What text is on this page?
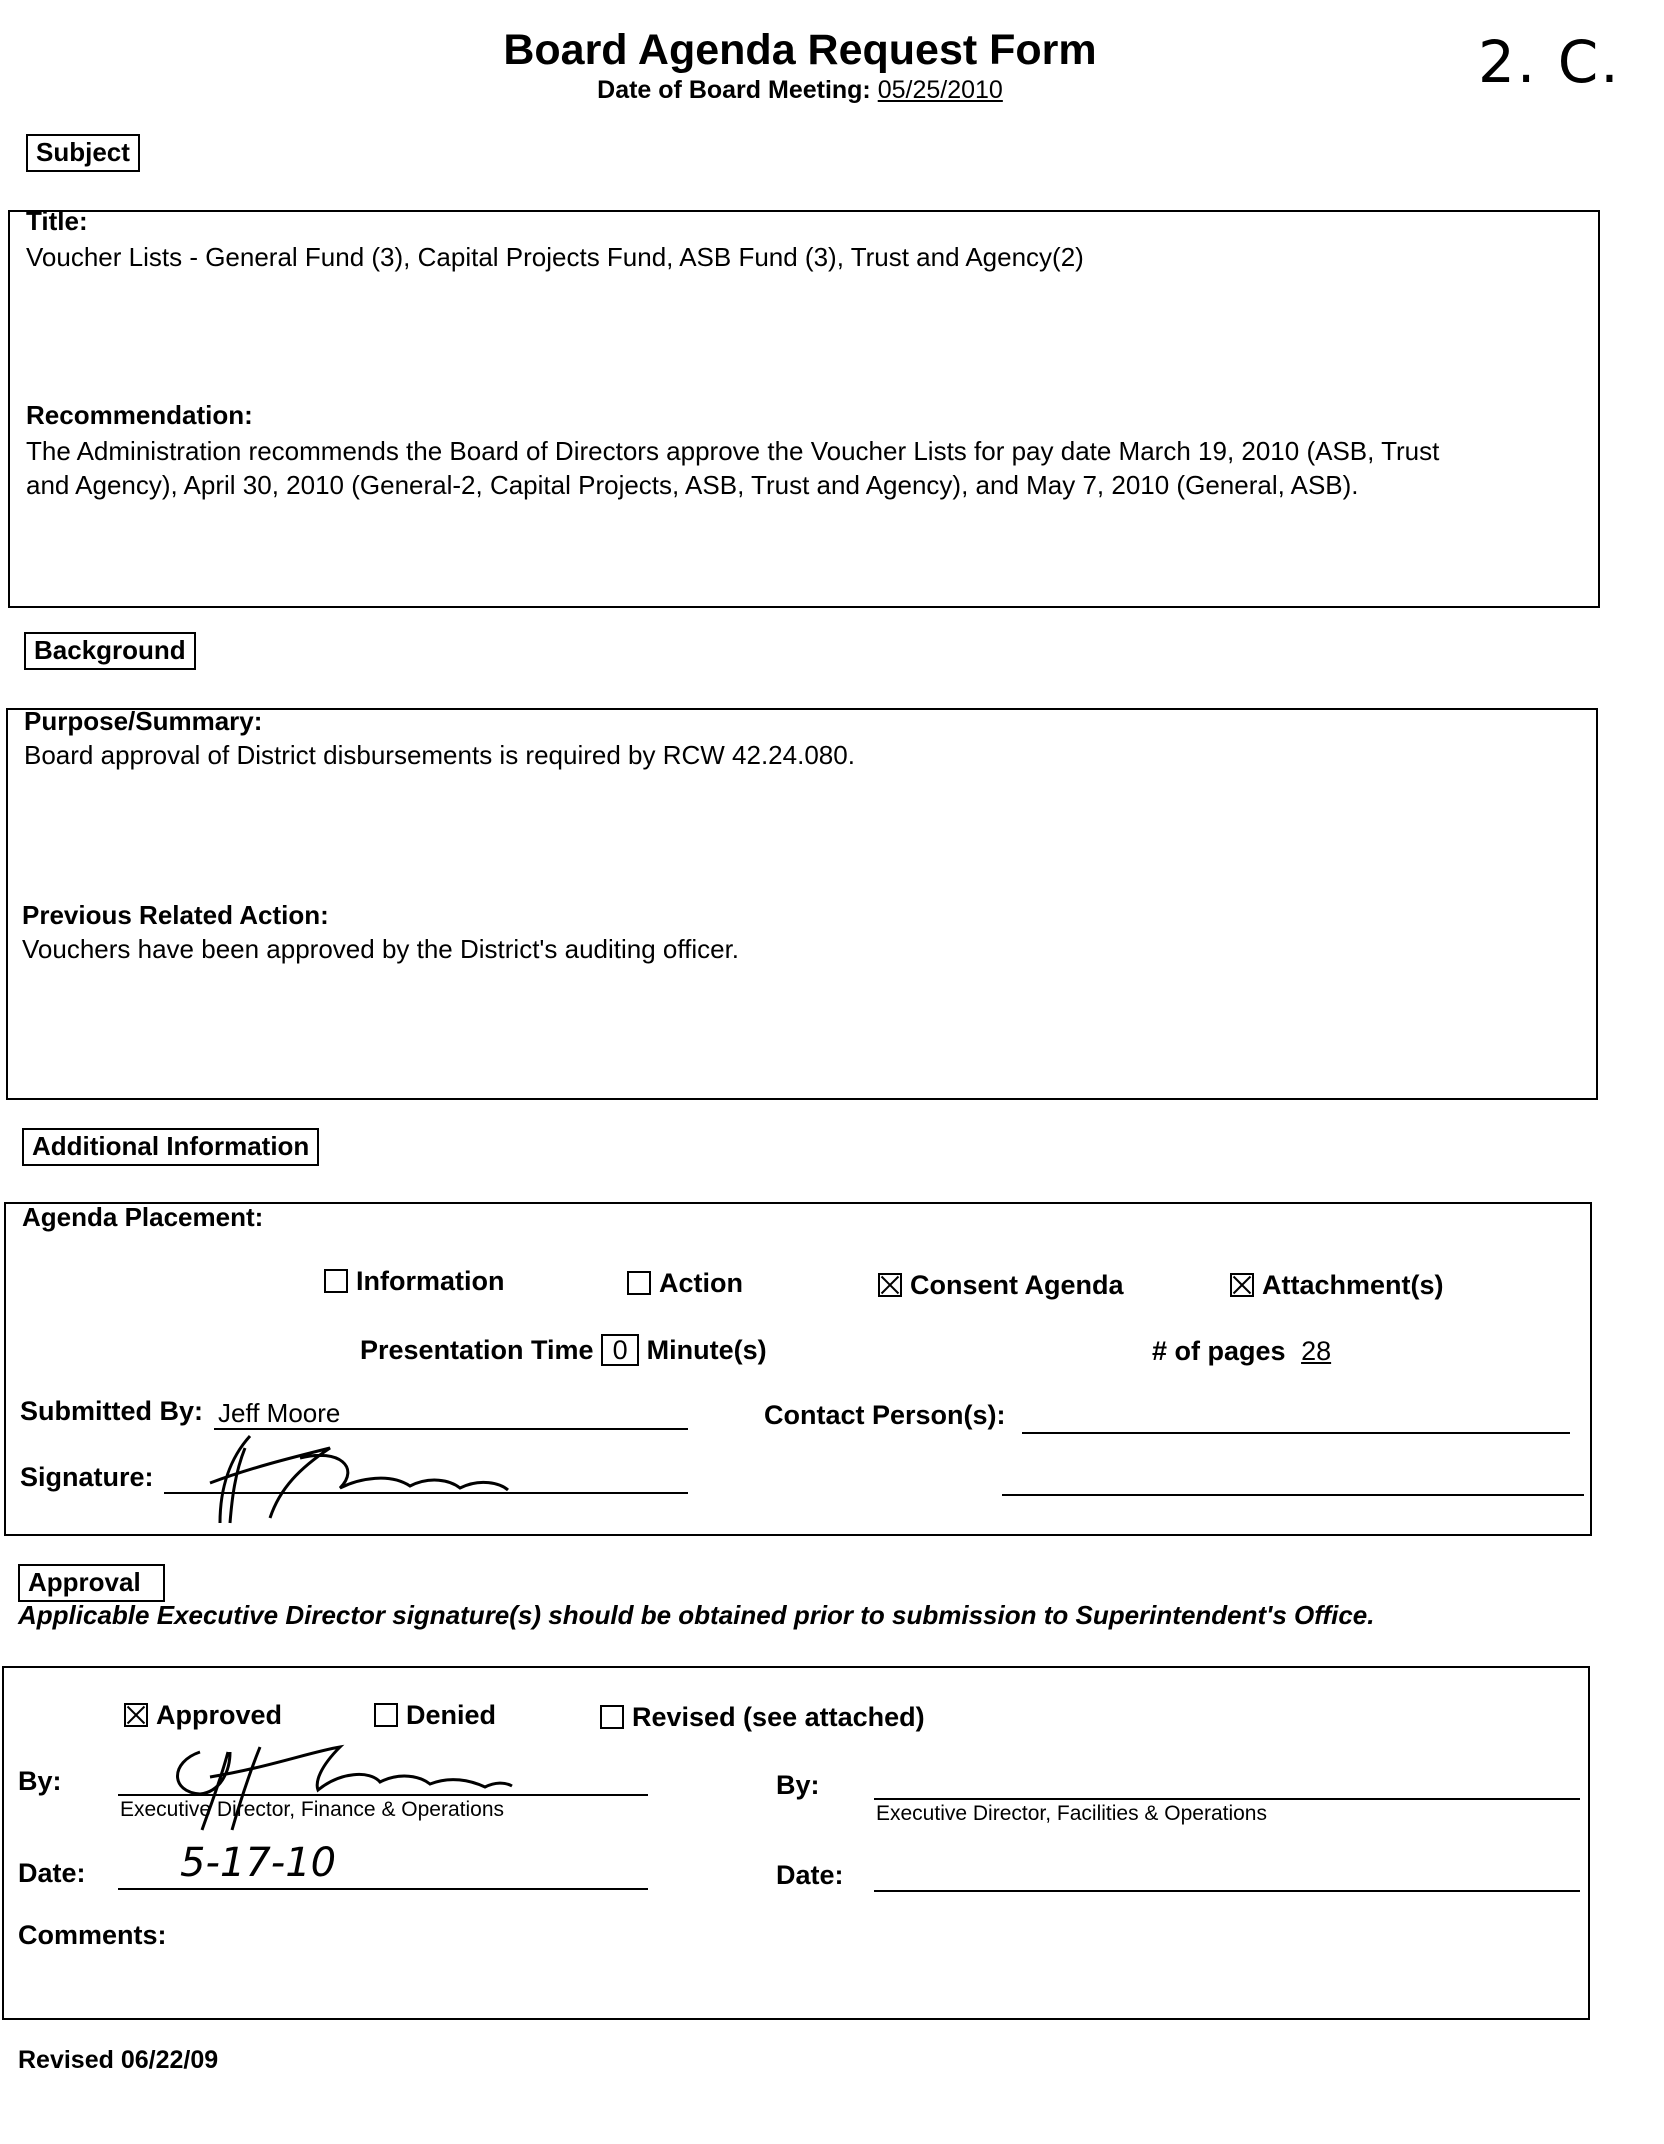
Board Agenda Request Form
Date of Board Meeting: 05/25/2010	2. C.
Subject
Title:
Voucher Lists - General Fund (3), Capital Projects Fund, ASB Fund (3), Trust and Agency(2)
Recommendation:
The Administration recommends the Board of Directors approve the Voucher Lists for pay date March 19, 2010 (ASB, Trust
and Agency), April 30, 2010 (General-2, Capital Projects, ASB, Trust and Agency), and May 7, 2010 (General, ASB).
Background
Purpose/Summary:
Board approval of District disbursements is required by RCW 42.24.080.
Previous Related Action:
Vouchers have been approved by the District's auditing officer.
Additional Information
Agenda Placement:
Information	Action	Consent Agenda	Attachment(s)
Presentation Time 0 Minute(s)	# of pages 28
Submitted By: Jeff Moore	Contact Person(s):
Signature:
Approval
Applicable Executive Director signature(s) should be obtained prior to submission to Superintendent's Office.
Approved	Denied	Revised (see attached)
By:
Executive Director, Finance & Operations
By:
Executive Director, Facilities & Operations
Date: 5-17-10	Date:
Comments:
Revised 06/22/09
